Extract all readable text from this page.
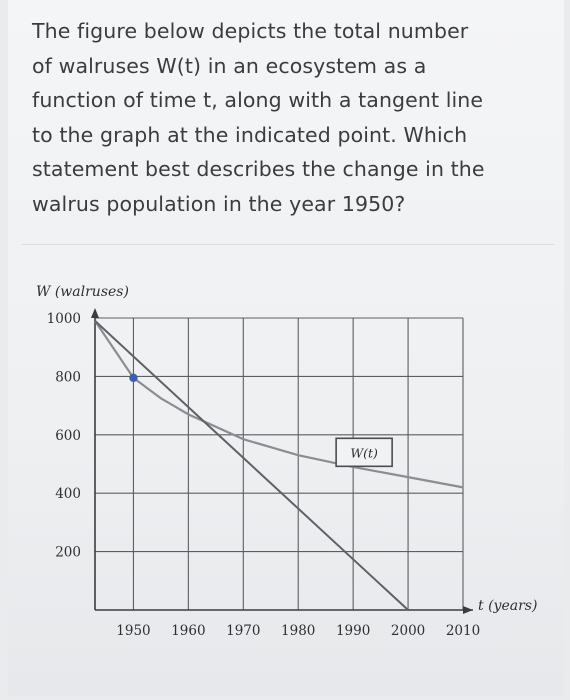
The figure below depicts the total number
of walruses W(t) in an ecosystem as a
function of time t, along with a tangent line
to the graph at the indicated point. Which
statement best describes the change in the
walrus population in the year 1950?
200
400
600
800
1000
1950 1960 1970 1980 1990 2000 2010
W (walruses)
t (years)
W(t)
